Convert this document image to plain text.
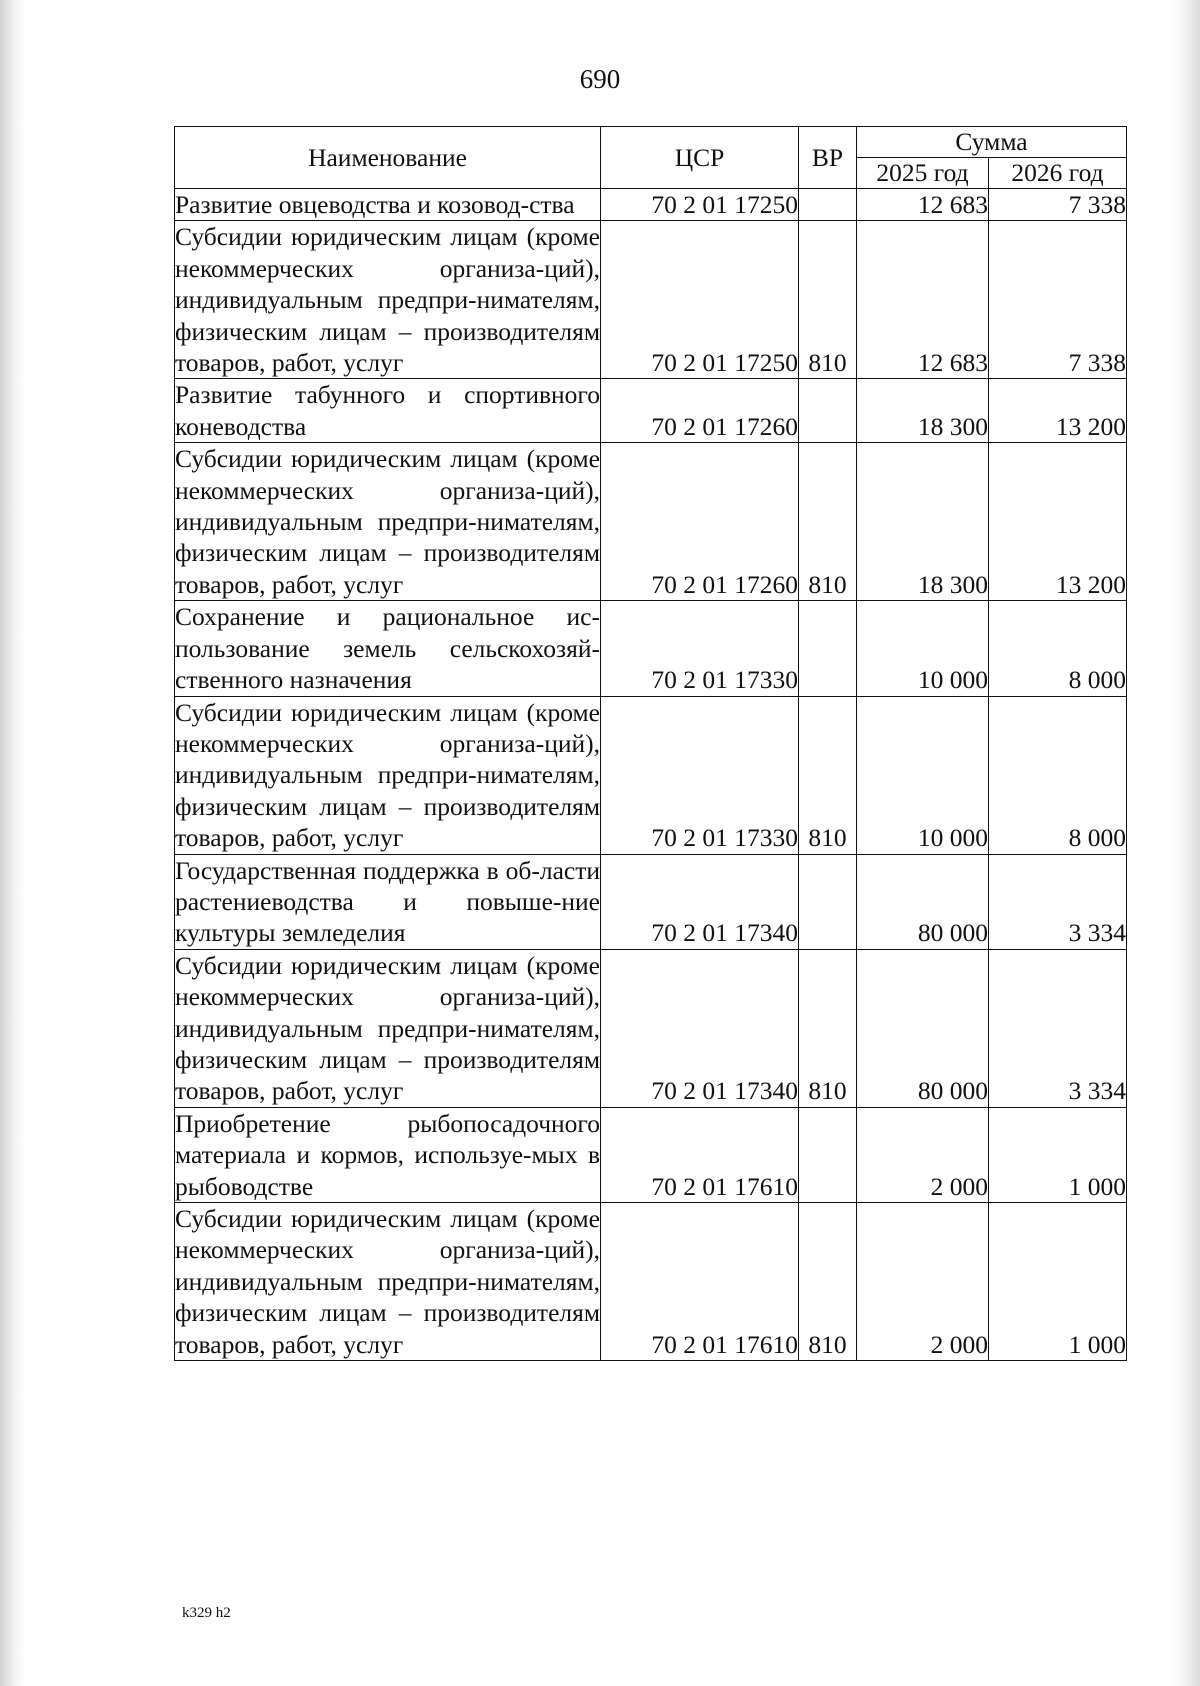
690
Наименование	ЦСР	ВР	Сумма	
			2025 год	2026 год
Развитие овцеводства и козовод-ства	70 2 01 17250		12 683	7 338
Субсидии юридическим лицам (кроме некоммерческих организа-ций), индивидуальным предпри-нимателям, физическим лицам – производителям товаров, работ, услуг	70 2 01 17250	810	12 683	7 338
Развитие табунного и спортивного коневодства	70 2 01 17260		18 300	13 200
Субсидии юридическим лицам (кроме некоммерческих организа-ций), индивидуальным предпри-нимателям, физическим лицам – производителям товаров, работ, услуг	70 2 01 17260	810	18 300	13 200
Сохранение и рациональное ис-пользование земель сельскохозяй-ственного назначения	70 2 01 17330		10 000	8 000
Субсидии юридическим лицам (кроме некоммерческих организа-ций), индивидуальным предпри-нимателям, физическим лицам – производителям товаров, работ, услуг	70 2 01 17330	810	10 000	8 000
Государственная поддержка в об-ласти растениеводства и повыше-ние культуры земледелия	70 2 01 17340		80 000	3 334
Субсидии юридическим лицам (кроме некоммерческих организа-ций), индивидуальным предпри-нимателям, физическим лицам – производителям товаров, работ, услуг	70 2 01 17340	810	80 000	3 334
Приобретение рыбопосадочного материала и кормов, используе-мых в рыбоводстве	70 2 01 17610		2 000	1 000
Субсидии юридическим лицам (кроме некоммерческих организа-ций), индивидуальным предпри-нимателям, физическим лицам – производителям товаров, работ, услуг	70 2 01 17610	810	2 000	1 000
k329 h2
